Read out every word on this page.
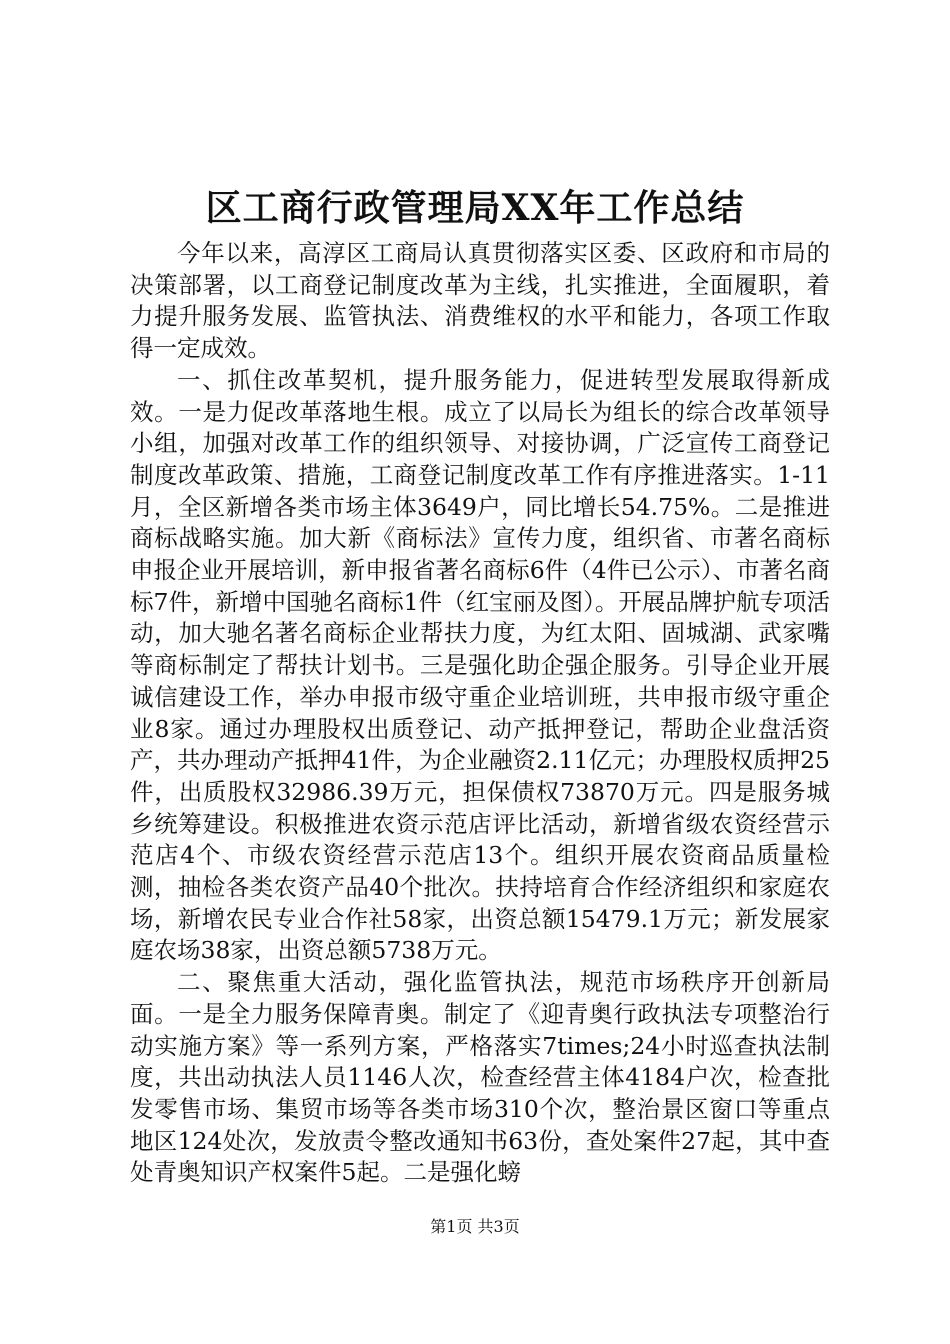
区工商行政管理局XX年工作总结

今年以来，高淳区工商局认真贯彻落实区委、区政府和市局的决策部署，以工商登记制度改革为主线，扎实推进，全面履职，着力提升服务发展、监管执法、消费维权的水平和能力，各项工作取得一定成效。

一、抓住改革契机，提升服务能力，促进转型发展取得新成效。一是力促改革落地生根。成立了以局长为组长的综合改革领导小组，加强对改革工作的组织领导、对接协调，广泛宣传工商登记制度改革政策、措施，工商登记制度改革工作有序推进落实。1-11月，全区新增各类市场主体3649户，同比增长54.75%。二是推进商标战略实施。加大新《商标法》宣传力度，组织省、市著名商标申报企业开展培训，新申报省著名商标6件（4件已公示）、市著名商标7件，新增中国驰名商标1件（红宝丽及图）。开展品牌护航专项活动，加大驰名著名商标企业帮扶力度，为红太阳、固城湖、武家嘴等商标制定了帮扶计划书。三是强化助企强企服务。引导企业开展诚信建设工作，举办申报市级守重企业培训班，共申报市级守重企业8家。通过办理股权出质登记、动产抵押登记，帮助企业盘活资产，共办理动产抵押41件，为企业融资2.11亿元；办理股权质押25件，出质股权32986.39万元，担保债权73870万元。四是服务城乡统筹建设。积极推进农资示范店评比活动，新增省级农资经营示范店4个、市级农资经营示范店13个。组织开展农资商品质量检测，抽检各类农资产品40个批次。扶持培育合作经济组织和家庭农场，新增农民专业合作社58家，出资总额15479.1万元；新发展家庭农场38家，出资总额5738万元。

二、聚焦重大活动，强化监管执法，规范市场秩序开创新局面。一是全力服务保障青奥。制定了《迎青奥行政执法专项整治行动实施方案》等一系列方案，严格落实7times;24小时巡查执法制度，共出动执法人员1146人次，检查经营主体4184户次，检查批发零售市场、集贸市场等各类市场310个次，整治景区窗口等重点地区124处次，发放责令整改通知书63份，查处案件27起，其中查处青奥知识产权案件5起。二是强化螃

第1页 共3页
